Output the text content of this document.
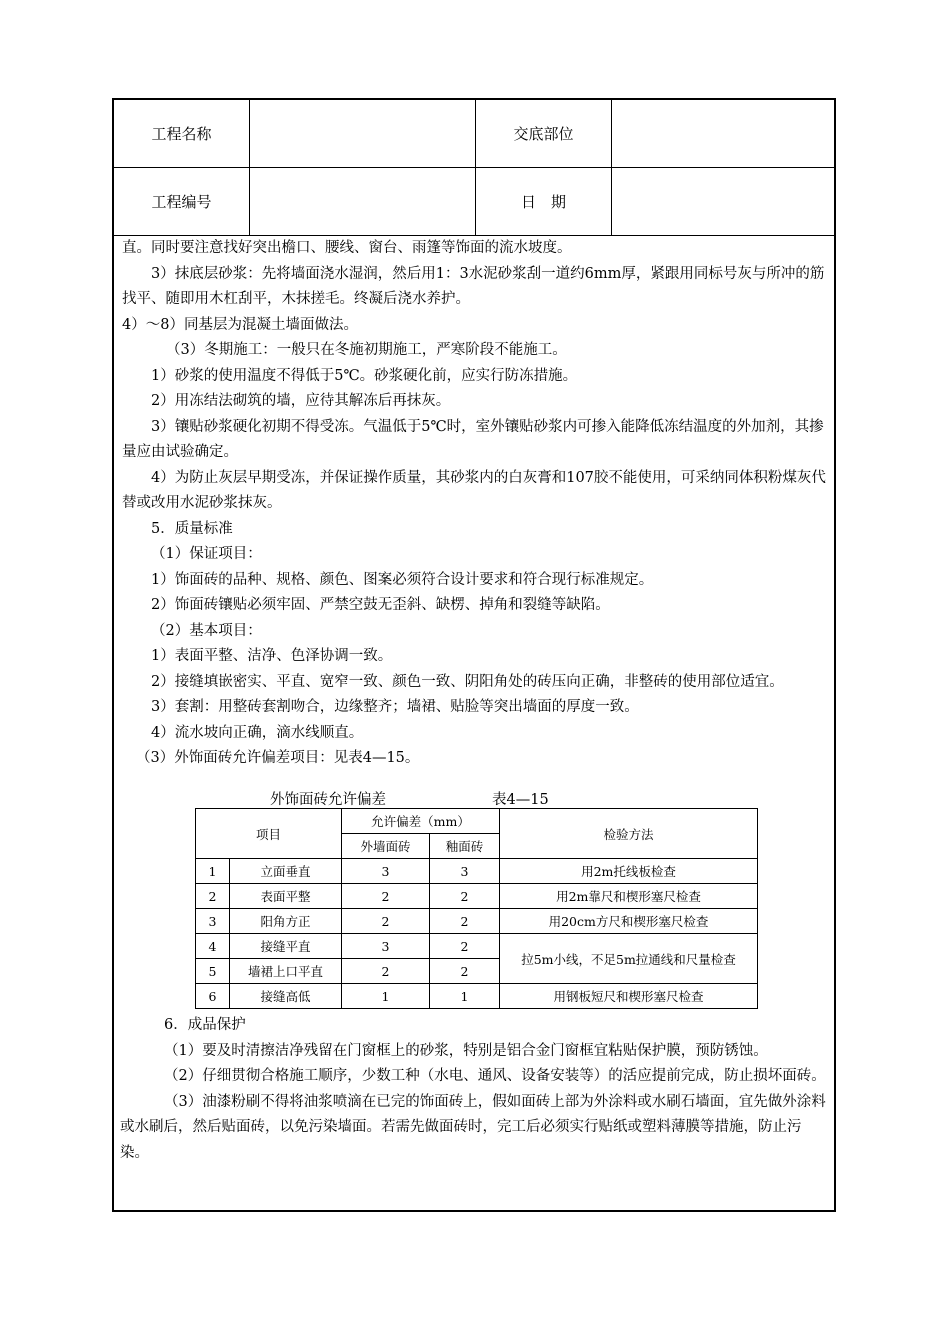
工程名称	交底部位
工程编号	日　期

直。同时要注意找好突出檐口、腰线、窗台、雨篷等饰面的流水坡度。

3）抹底层砂浆：先将墙面浇水湿润，然后用1：3水泥砂浆刮一道约6mm厚，紧跟用同标号灰与所冲的筋找平、随即用木杠刮平，木抹搓毛。终凝后浇水养护。

4）～8）同基层为混凝土墙面做法。

（3）冬期施工：一般只在冬施初期施工，严寒阶段不能施工。

1）砂浆的使用温度不得低于5℃。砂浆硬化前，应实行防冻措施。

2）用冻结法砌筑的墙，应待其解冻后再抹灰。

3）镶贴砂浆硬化初期不得受冻。气温低于5℃时，室外镶贴砂浆内可掺入能降低冻结温度的外加剂，其掺量应由试验确定。

4）为防止灰层早期受冻，并保证操作质量，其砂浆内的白灰膏和107胶不能使用，可采纳同体积粉煤灰代替或改用水泥砂浆抹灰。

5．质量标准

（1）保证项目：

1）饰面砖的品种、规格、颜色、图案必须符合设计要求和符合现行标准规定。

2）饰面砖镶贴必须牢固、严禁空鼓无歪斜、缺楞、掉角和裂缝等缺陷。

（2）基本项目：

1）表面平整、洁净、色泽协调一致。

2）接缝填嵌密实、平直、宽窄一致、颜色一致、阴阳角处的砖压向正确，非整砖的使用部位适宜。

3）套割：用整砖套割吻合，边缘整齐；墙裙、贴脸等突出墙面的厚度一致。

4）流水坡向正确，滴水线顺直。

（3）外饰面砖允许偏差项目：见表4—15。

外饰面砖允许偏差	表4—15
项目		允许偏差（mm）		检验方法
		外墙面砖	釉面砖	
1	立面垂直	3	3	用2m托线板检查
2	表面平整	2	2	用2m靠尺和楔形塞尺检查
3	阳角方正	2	2	用20cm方尺和楔形塞尺检查
4	接缝平直	3	2	拉5m小线，不足5m拉通线和尺量检查
5	墙裙上口平直	2	2	
6	接缝高低	1	1	用钢板短尺和楔形塞尺检查

6．成品保护

（1）要及时清擦洁净残留在门窗框上的砂浆，特别是铝合金门窗框宜粘贴保护膜，预防锈蚀。

（2）仔细贯彻合格施工顺序，少数工种（水电、通风、设备安装等）的活应提前完成，防止损坏面砖。

（3）油漆粉刷不得将油浆喷滴在已完的饰面砖上，假如面砖上部为外涂料或水刷石墙面，宜先做外涂料或水刷后，然后贴面砖，以免污染墙面。若需先做面砖时，完工后必须实行贴纸或塑料薄膜等措施，防止污染。
